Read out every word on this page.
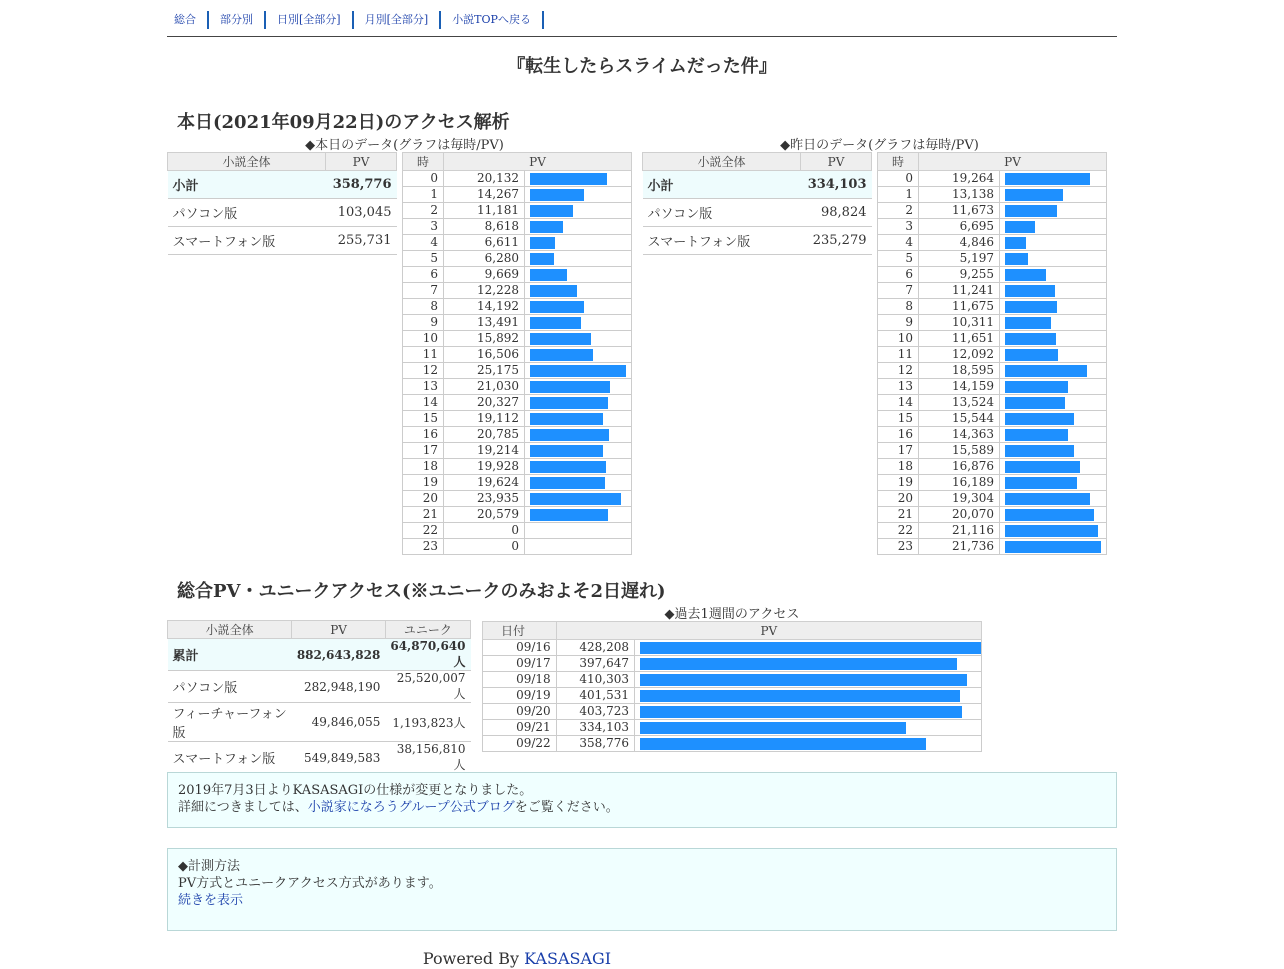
総合	部分別	日別[全部分]	月別[全部分]	小説TOPへ戻る
『転生したらスライムだった件』
本日(2021年09月22日)のアクセス解析
◆本日のデータ(グラフは毎時/PV)
小説全体	PV
小計	358,776
パソコン版	103,045
スマートフォン版	255,731
時	PV	
0	20,132	

1	14,267	

2	11,181	

3	8,618	

4	6,611	

5	6,280	

6	9,669	

7	12,228	

8	14,192	

9	13,491	

10	15,892	

11	16,506	

12	25,175	

13	21,030	

14	20,327	

15	19,112	

16	20,785	

17	19,214	

18	19,928	

19	19,624	

20	23,935	

21	20,579	

22	0	
23	0	
◆昨日のデータ(グラフは毎時/PV)
小説全体	PV
小計	334,103
パソコン版	98,824
スマートフォン版	235,279
時	PV	
0	19,264	

1	13,138	

2	11,673	

3	6,695	

4	4,846	

5	5,197	

6	9,255	

7	11,241	

8	11,675	

9	10,311	

10	11,651	

11	12,092	

12	18,595	

13	14,159	

14	13,524	

15	15,544	

16	14,363	

17	15,589	

18	16,876	

19	16,189	

20	19,304	

21	20,070	

22	21,116	

23	21,736	
総合PV・ユニークアクセス(※ユニークのみおよそ2日遅れ)
小説全体	PV	ユニーク
累計	882,643,828	64,870,640人
パソコン版	282,948,190	25,520,007人
フィーチャーフォン版	49,846,055	1,193,823人
スマートフォン版	549,849,583	38,156,810人
◆過去1週間のアクセス
日付	PV	
09/16	428,208	

09/17	397,647	

09/18	410,303	

09/19	401,531	

09/20	403,723	

09/21	334,103	

09/22	358,776	
2019年7月3日よりKASASAGIの仕様が変更となりました。
詳細につきましては、小説家になろうグループ公式ブログをご覧ください。
◆計測方法
PV方式とユニークアクセス方式があります。
続きを表示
Powered By KASASAGI
